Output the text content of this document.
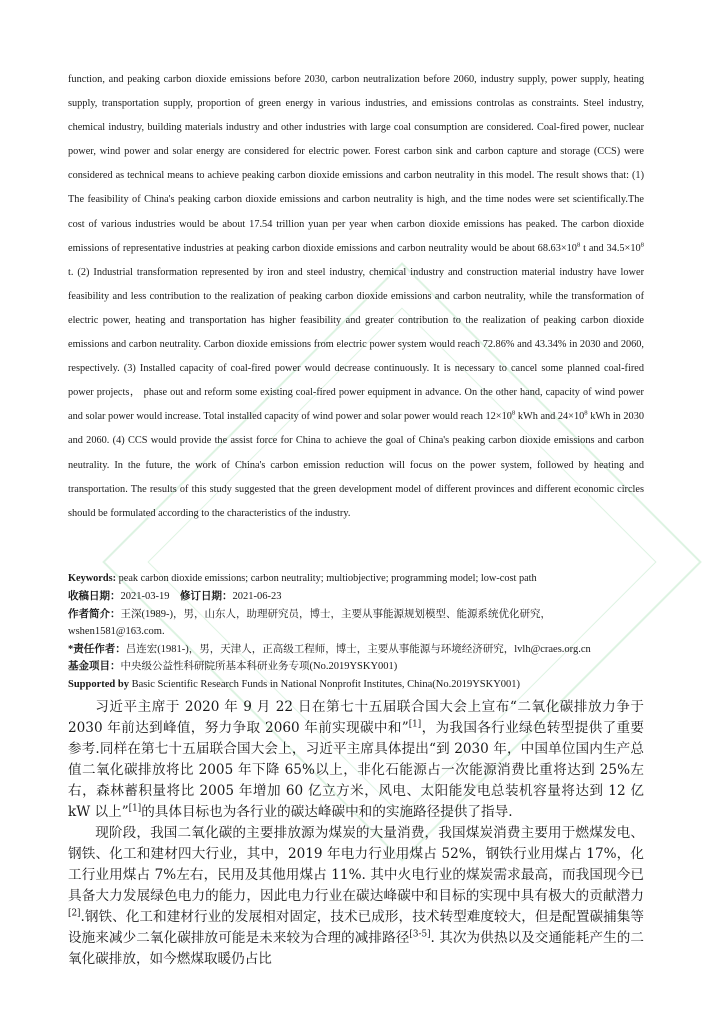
function, and peaking carbon dioxide emissions before 2030, carbon neutralization before 2060, industry supply, power supply, heating supply, transportation supply, proportion of green energy in various industries, and emissions controlas as constraints. Steel industry, chemical industry, building materials industry and other industries with large coal consumption are considered. Coal-fired power, nuclear power, wind power and solar energy are considered for electric power. Forest carbon sink and carbon capture and storage (CCS) were considered as technical means to achieve peaking carbon dioxide emissions and carbon neutrality in this model. The result shows that: (1) The feasibility of China's peaking carbon dioxide emissions and carbon neutrality is high, and the time nodes were set scientifically.The cost of various industries would be about 17.54 trillion yuan per year when carbon dioxide emissions has peaked. The carbon dioxide emissions of representative industries at peaking carbon dioxide emissions and carbon neutrality would be about $68.63\times 10^8$ t and $34.5\times 10^8$ t. (2) Industrial transformation represented by iron and steel industry, chemical industry and construction material industry have lower feasibility and less contribution to the realization of peaking carbon dioxide emissions and carbon neutrality, while the transformation of electric power, heating and transportation has higher feasibility and greater contribution to the realization of peaking carbon dioxide emissions and carbon neutrality. Carbon dioxide emissions from electric power system would reach 72.86% and 43.34% in 2030 and 2060, respectively. (3) Installed capacity of coal-fired power would decrease continuously. It is necessary to cancel some planned coal-fired power projects， phase out and reform some existing coal-fired power equipment in advance. On the other hand, capacity of wind power and solar power would increase. Total installed capacity of wind power and solar power would reach $12\times 10^8$ kWh and $24\times 10^8$ kWh in 2030 and 2060. (4) CCS would provide the assist force for China to achieve the goal of China's peaking carbon dioxide emissions and carbon neutrality. In the future, the work of China's carbon emission reduction will focus on the power system, followed by heating and transportation. The results of this study suggested that the green development model of different provinces and different economic circles should be formulated according to the characteristics of the industry.
Keywords: peak carbon dioxide emissions; carbon neutrality; multiobjective; programming model; low-cost path
收稿日期：2021-03-19 修订日期：2021-06-23
作者简介：王深(1989-)，男，山东人，助理研究员，博士，主要从事能源规划模型、能源系统优化研究，wshen1581@163.com.
*责任作者：吕连宏(1981-)，男，天津人，正高级工程师，博士，主要从事能源与环境经济研究，lvlh@craes.org.cn
基金项目：中央级公益性科研院所基本科研业务专项(No.2019YSKY001)
Supported by Basic Scientific Research Funds in National Nonprofit Institutes, China(No.2019YSKY001)

习近平主席于 2020 年 9 月 22 日在第七十五届联合国大会上宣布“二氧化碳排放力争于 2030 年前达到峰值，努力争取 2060 年前实现碳中和”[1]，为我国各行业绿色转型提供了重要参考.同样在第七十五届联合国大会上，习近平主席具体提出“到 2030 年，中国单位国内生产总值二氧化碳排放将比 2005 年下降 65%以上，非化石能源占一次能源消费比重将达到 25%左右，森林蓄积量将比 2005 年增加 60 亿立方米，风电、太阳能发电总装机容量将达到 12 亿 kW 以上”[1]的具体目标也为各行业的碳达峰碳中和的实施路径提供了指导.

现阶段，我国二氧化碳的主要排放源为煤炭的大量消费，我国煤炭消费主要用于燃煤发电、钢铁、化工和建材四大行业，其中，2019 年电力行业用煤占 52%，钢铁行业用煤占 17%，化工行业用煤占 7%左右，民用及其他用煤占 11%. 其中火电行业的煤炭需求最高，而我国现今已具备大力发展绿色电力的能力，因此电力行业在碳达峰碳中和目标的实现中具有极大的贡献潜力[2].钢铁、化工和建材行业的发展相对固定，技术已成形，技术转型难度较大，但是配置碳捕集等设施来减少二氧化碳排放可能是未来较为合理的减排路径[3-5]. 其次为供热以及交通能耗产生的二氧化碳排放，如今燃煤取暖仍占比
